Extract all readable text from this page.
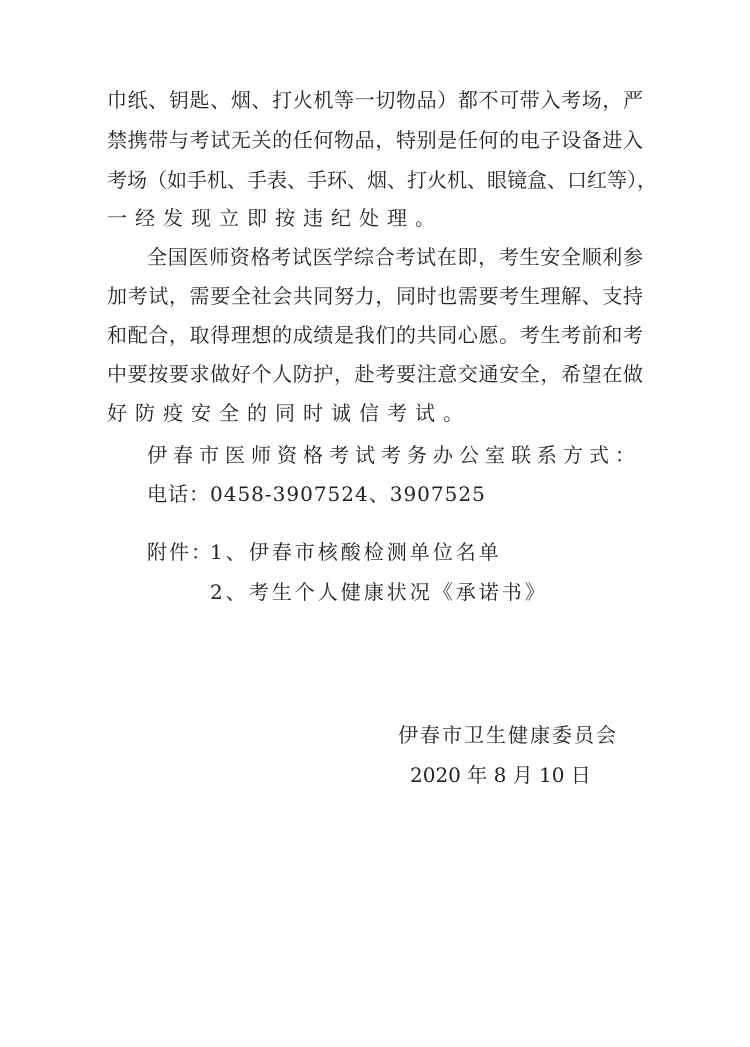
巾纸、钥匙、烟、打火机等一切物品）都不可带入考场，严
禁携带与考试无关的任何物品，特别是任何的电子设备进入
考场（如手机、手表、手环、烟、打火机、眼镜盒、口红等），
一经发现立即按违纪处理。
全国医师资格考试医学综合考试在即，考生安全顺利参
加考试，需要全社会共同努力，同时也需要考生理解、支持
和配合，取得理想的成绩是我们的共同心愿。考生考前和考
中要按要求做好个人防护，赴考要注意交通安全，希望在做
好防疫安全的同时诚信考试。
伊春市医师资格考试考务办公室联系方式：
电话：0458-3907524、3907525
附件：
1、伊春市核酸检测单位名单
2、考生个人健康状况《承诺书》
伊春市卫生健康委员会
2020 年 8 月 10 日
